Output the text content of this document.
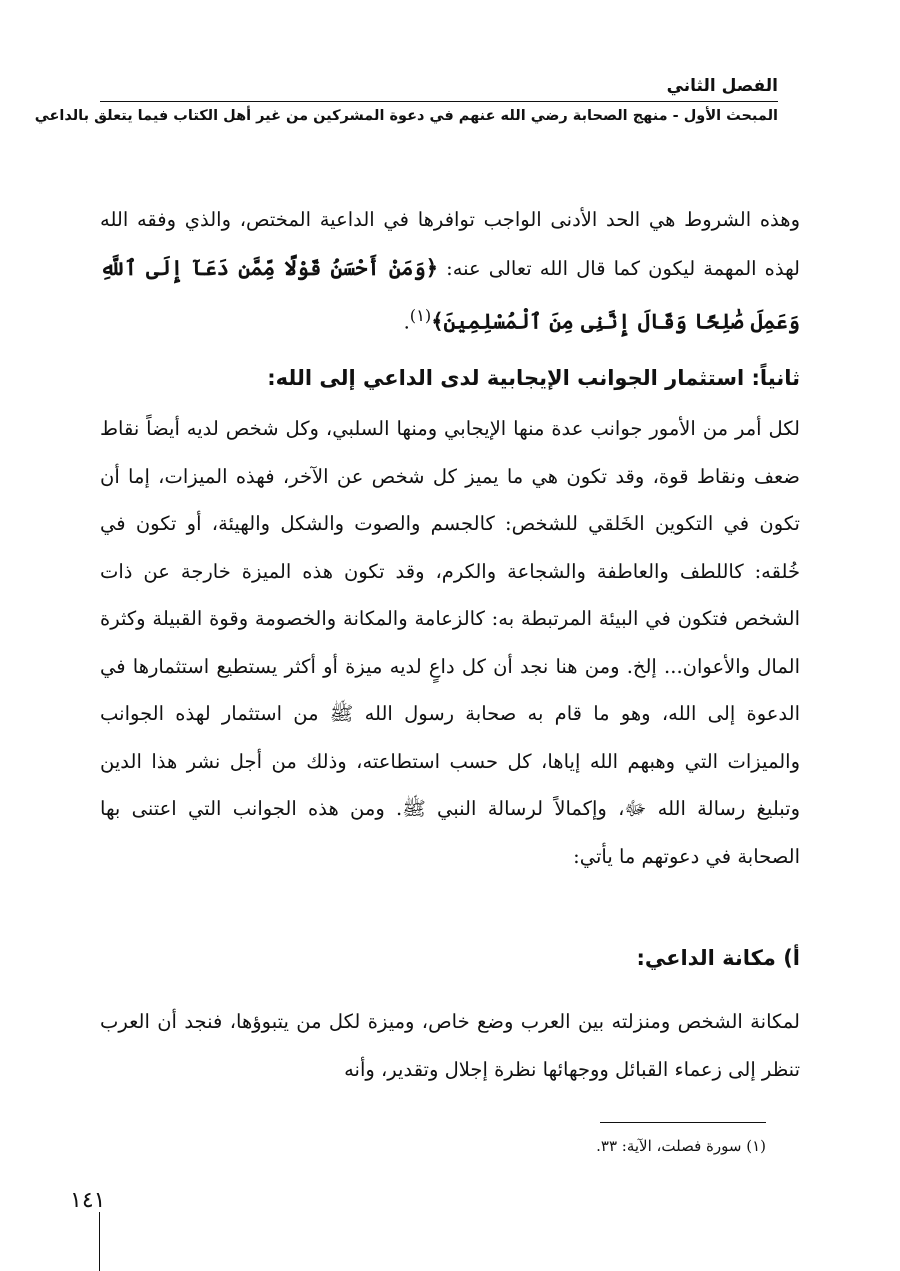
الفصل الثاني
المبحث الأول - منهج الصحابة رضي الله عنهم في دعوة المشركين من غير أهل الكتاب فيما يتعلق بالداعي

وهذه الشروط هي الحد الأدنى الواجب توافرها في الداعية المختص، والذي وفقه الله لهذه المهمة ليكون كما قال الله تعالى عنه: ﴿وَمَنْ أَحْسَنُ قَوْلًا مِّمَّن دَعَآ إِلَى ٱللَّهِ وَعَمِلَ صَٰلِحًا وَقَالَ إِنَّنِى مِنَ ٱلْمُسْلِمِينَ﴾$^{(١)}$.

ثانياً: استثمار الجوانب الإيجابية لدى الداعي إلى الله:

لكل أمر من الأمور جوانب عدة منها الإيجابي ومنها السلبي، وكل شخص لديه أيضاً نقاط ضعف ونقاط قوة، وقد تكون هي ما يميز كل شخص عن الآخر، فهذه الميزات، إما أن تكون في التكوين الخَلقي للشخص: كالجسم والصوت والشكل والهيئة، أو تكون في خُلقه: كاللطف والعاطفة والشجاعة والكرم، وقد تكون هذه الميزة خارجة عن ذات الشخص فتكون في البيئة المرتبطة به: كالزعامة والمكانة والخصومة وقوة القبيلة وكثرة المال والأعوان... إلخ. ومن هنا نجد أن كل داعٍ لديه ميزة أو أكثر يستطيع استثمارها في الدعوة إلى الله، وهو ما قام به صحابة رسول الله ﷺ من استثمار لهذه الجوانب والميزات التي وهبهم الله إياها، كل حسب استطاعته، وذلك من أجل نشر هذا الدين وتبليغ رسالة الله ﷻ، وإكمالاً لرسالة النبي ﷺ. ومن هذه الجوانب التي اعتنى بها الصحابة في دعوتهم ما يأتي:

أ) مكانة الداعي:

لمكانة الشخص ومنزلته بين العرب وضع خاص، وميزة لكل من يتبوؤها، فنجد أن العرب تنظر إلى زعماء القبائل ووجهائها نظرة إجلال وتقدير، وأنه

(١) سورة فصلت، الآية: ٣٣.
١٤١
